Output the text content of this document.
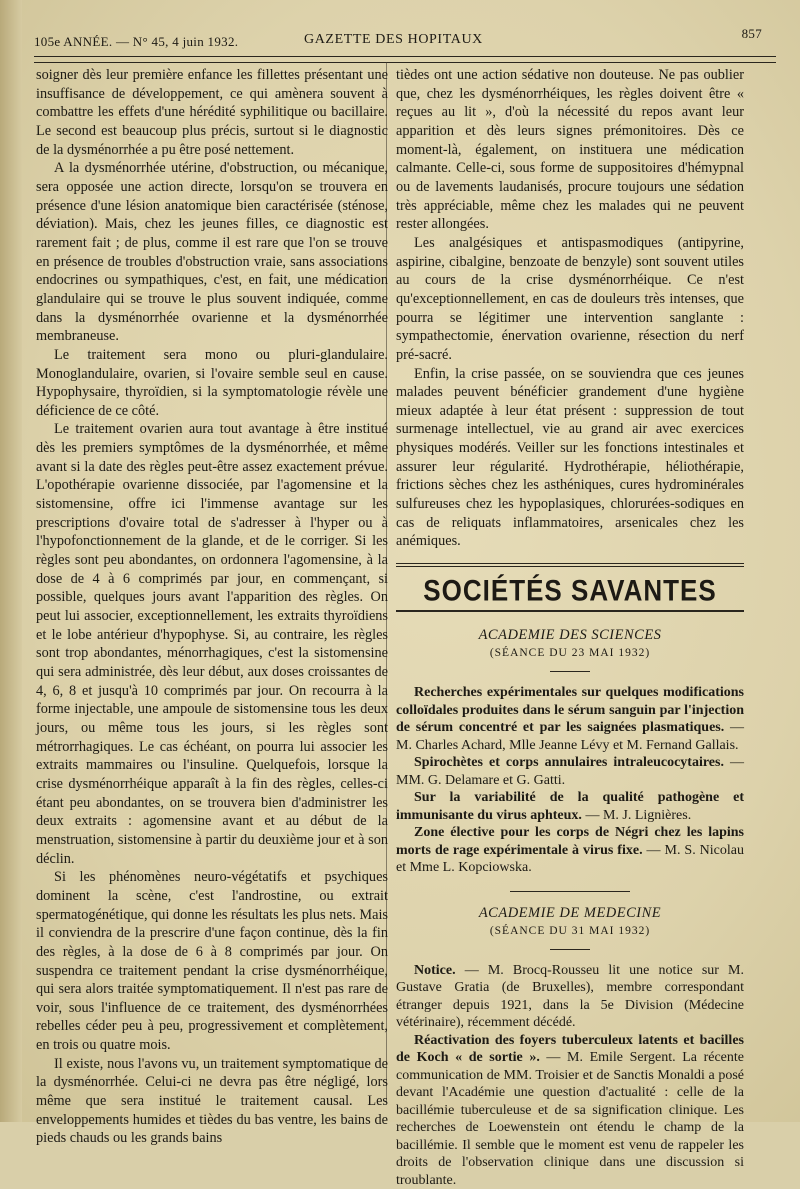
105e ANNÉE. — N° 45, 4 juin 1932.	GAZETTE DES HOPITAUX	857

soigner dès leur première enfance les fillettes présentant une insuffisance de développement, ce qui amènera souvent à combattre les effets d'une hérédité syphilitique ou bacillaire. Le second est beaucoup plus précis, surtout si le diagnostic de la dysménorrhée a pu être posé nettement.

A la dysménorrhée utérine, d'obstruction, ou mécanique, sera opposée une action directe, lorsqu'on se trouvera en présence d'une lésion anatomique bien caractérisée (sténose, déviation). Mais, chez les jeunes filles, ce diagnostic est rarement fait ; de plus, comme il est rare que l'on se trouve en présence de troubles d'obstruction vraie, sans associations endocrines ou sympathiques, c'est, en fait, une médication glandulaire qui se trouve le plus souvent indiquée, comme dans la dysménorrhée ovarienne et la dysménorrhée membraneuse.

Le traitement sera mono ou pluri-glandulaire. Monoglandulaire, ovarien, si l'ovaire semble seul en cause. Hypophysaire, thyroïdien, si la symptomatologie révèle une déficience de ce côté.

Le traitement ovarien aura tout avantage à être institué dès les premiers symptômes de la dysménorrhée, et même avant si la date des règles peut-être assez exactement prévue. L'opothérapie ovarienne dissociée, par l'agomensine et la sistomensine, offre ici l'immense avantage sur les prescriptions d'ovaire total de s'adresser à l'hyper ou à l'hypofonctionnement de la glande, et de le corriger. Si les règles sont peu abondantes, on ordonnera l'agomensine, à la dose de 4 à 6 comprimés par jour, en commençant, si possible, quelques jours avant l'apparition des règles. On peut lui associer, exceptionnellement, les extraits thyroïdiens et le lobe antérieur d'hypophyse. Si, au contraire, les règles sont trop abondantes, ménorrhagiques, c'est la sistomensine qui sera administrée, dès leur début, aux doses croissantes de 4, 6, 8 et jusqu'à 10 comprimés par jour. On recourra à la forme injectable, une ampoule de sistomensine tous les deux jours, ou même tous les jours, si les règles sont métrorrhagiques. Le cas échéant, on pourra lui associer les extraits mammaires ou l'insuline. Quelquefois, lorsque la crise dysménorrhéique apparaît à la fin des règles, celles-ci étant peu abondantes, on se trouvera bien d'administrer les deux extraits : agomensine avant et au début de la menstruation, sistomensine à partir du deuxième jour et à son déclin.

Si les phénomènes neuro-végétatifs et psychiques dominent la scène, c'est l'androstine, ou extrait spermatogénétique, qui donne les résultats les plus nets. Mais il conviendra de la prescrire d'une façon continue, dès la fin des règles, à la dose de 6 à 8 comprimés par jour. On suspendra ce traitement pendant la crise dysménorrhéique, qui sera alors traitée symptomatiquement. Il n'est pas rare de voir, sous l'influence de ce traitement, des dysménorrhées rebelles céder peu à peu, progressivement et complètement, en trois ou quatre mois.

Il existe, nous l'avons vu, un traitement symptomatique de la dysménorrhée. Celui-ci ne devra pas être négligé, lors même que sera institué le traitement causal. Les enveloppements humides et tièdes du bas ventre, les bains de pieds chauds ou les grands bains

tièdes ont une action sédative non douteuse. Ne pas oublier que, chez les dysménorrhéiques, les règles doivent être « reçues au lit », d'où la nécessité du repos avant leur apparition et dès leurs signes prémonitoires. Dès ce moment-là, également, on instituera une médication calmante. Celle-ci, sous forme de suppositoires d'hémypnal ou de lavements laudanisés, procure toujours une sédation très appréciable, même chez les malades qui ne peuvent rester allongées.

Les analgésiques et antispasmodiques (antipyrine, aspirine, cibalgine, benzoate de benzyle) sont souvent utiles au cours de la crise dysménorrhéique. Ce n'est qu'exceptionnellement, en cas de douleurs très intenses, que pourra se légitimer une intervention sanglante : sympathectomie, énervation ovarienne, résection du nerf pré-sacré.

Enfin, la crise passée, on se souviendra que ces jeunes malades peuvent bénéficier grandement d'une hygiène mieux adaptée à leur état présent : suppression de tout surmenage intellectuel, vie au grand air avec exercices physiques modérés. Veiller sur les fonctions intestinales et assurer leur régularité. Hydrothérapie, héliothérapie, frictions sèches chez les asthéniques, cures hydrominérales sulfureuses chez les hypoplasiques, chlorurées-sodiques en cas de reliquats inflammatoires, arsenicales chez les anémiques.

SOCIÉTÉS SAVANTES

ACADEMIE DES SCIENCES

(SÉANCE DU 23 MAI 1932)

Recherches expérimentales sur quelques modifications colloïdales produites dans le sérum sanguin par l'injection de sérum concentré et par les saignées plasmatiques. — M. Charles Achard, Mlle Jeanne Lévy et M. Fernand Gallais.

Spirochètes et corps annulaires intraleucocytaires. — MM. G. Delamare et G. Gatti.

Sur la variabilité de la qualité pathogène et immunisante du virus aphteux. — M. J. Lignières.

Zone élective pour les corps de Négri chez les lapins morts de rage expérimentale à virus fixe. — M. S. Nicolau et Mme L. Kopciowska.

ACADEMIE DE MEDECINE

(SÉANCE DU 31 MAI 1932)

Notice. — M. Brocq-Rousseu lit une notice sur M. Gustave Gratia (de Bruxelles), membre correspondant étranger depuis 1921, dans la 5e Division (Médecine vétérinaire), récemment décédé.

Réactivation des foyers tuberculeux latents et bacilles de Koch « de sortie ». — M. Emile Sergent. La récente communication de MM. Troisier et de Sanctis Monaldi a posé devant l'Académie une question d'actualité : celle de la bacillémie tuberculeuse et de sa signification clinique. Les recherches de Loewenstein ont étendu le champ de la bacillémie. Il semble que le moment est venu de rappeler les droits de l'observation clinique dans une discussion si troublante.
